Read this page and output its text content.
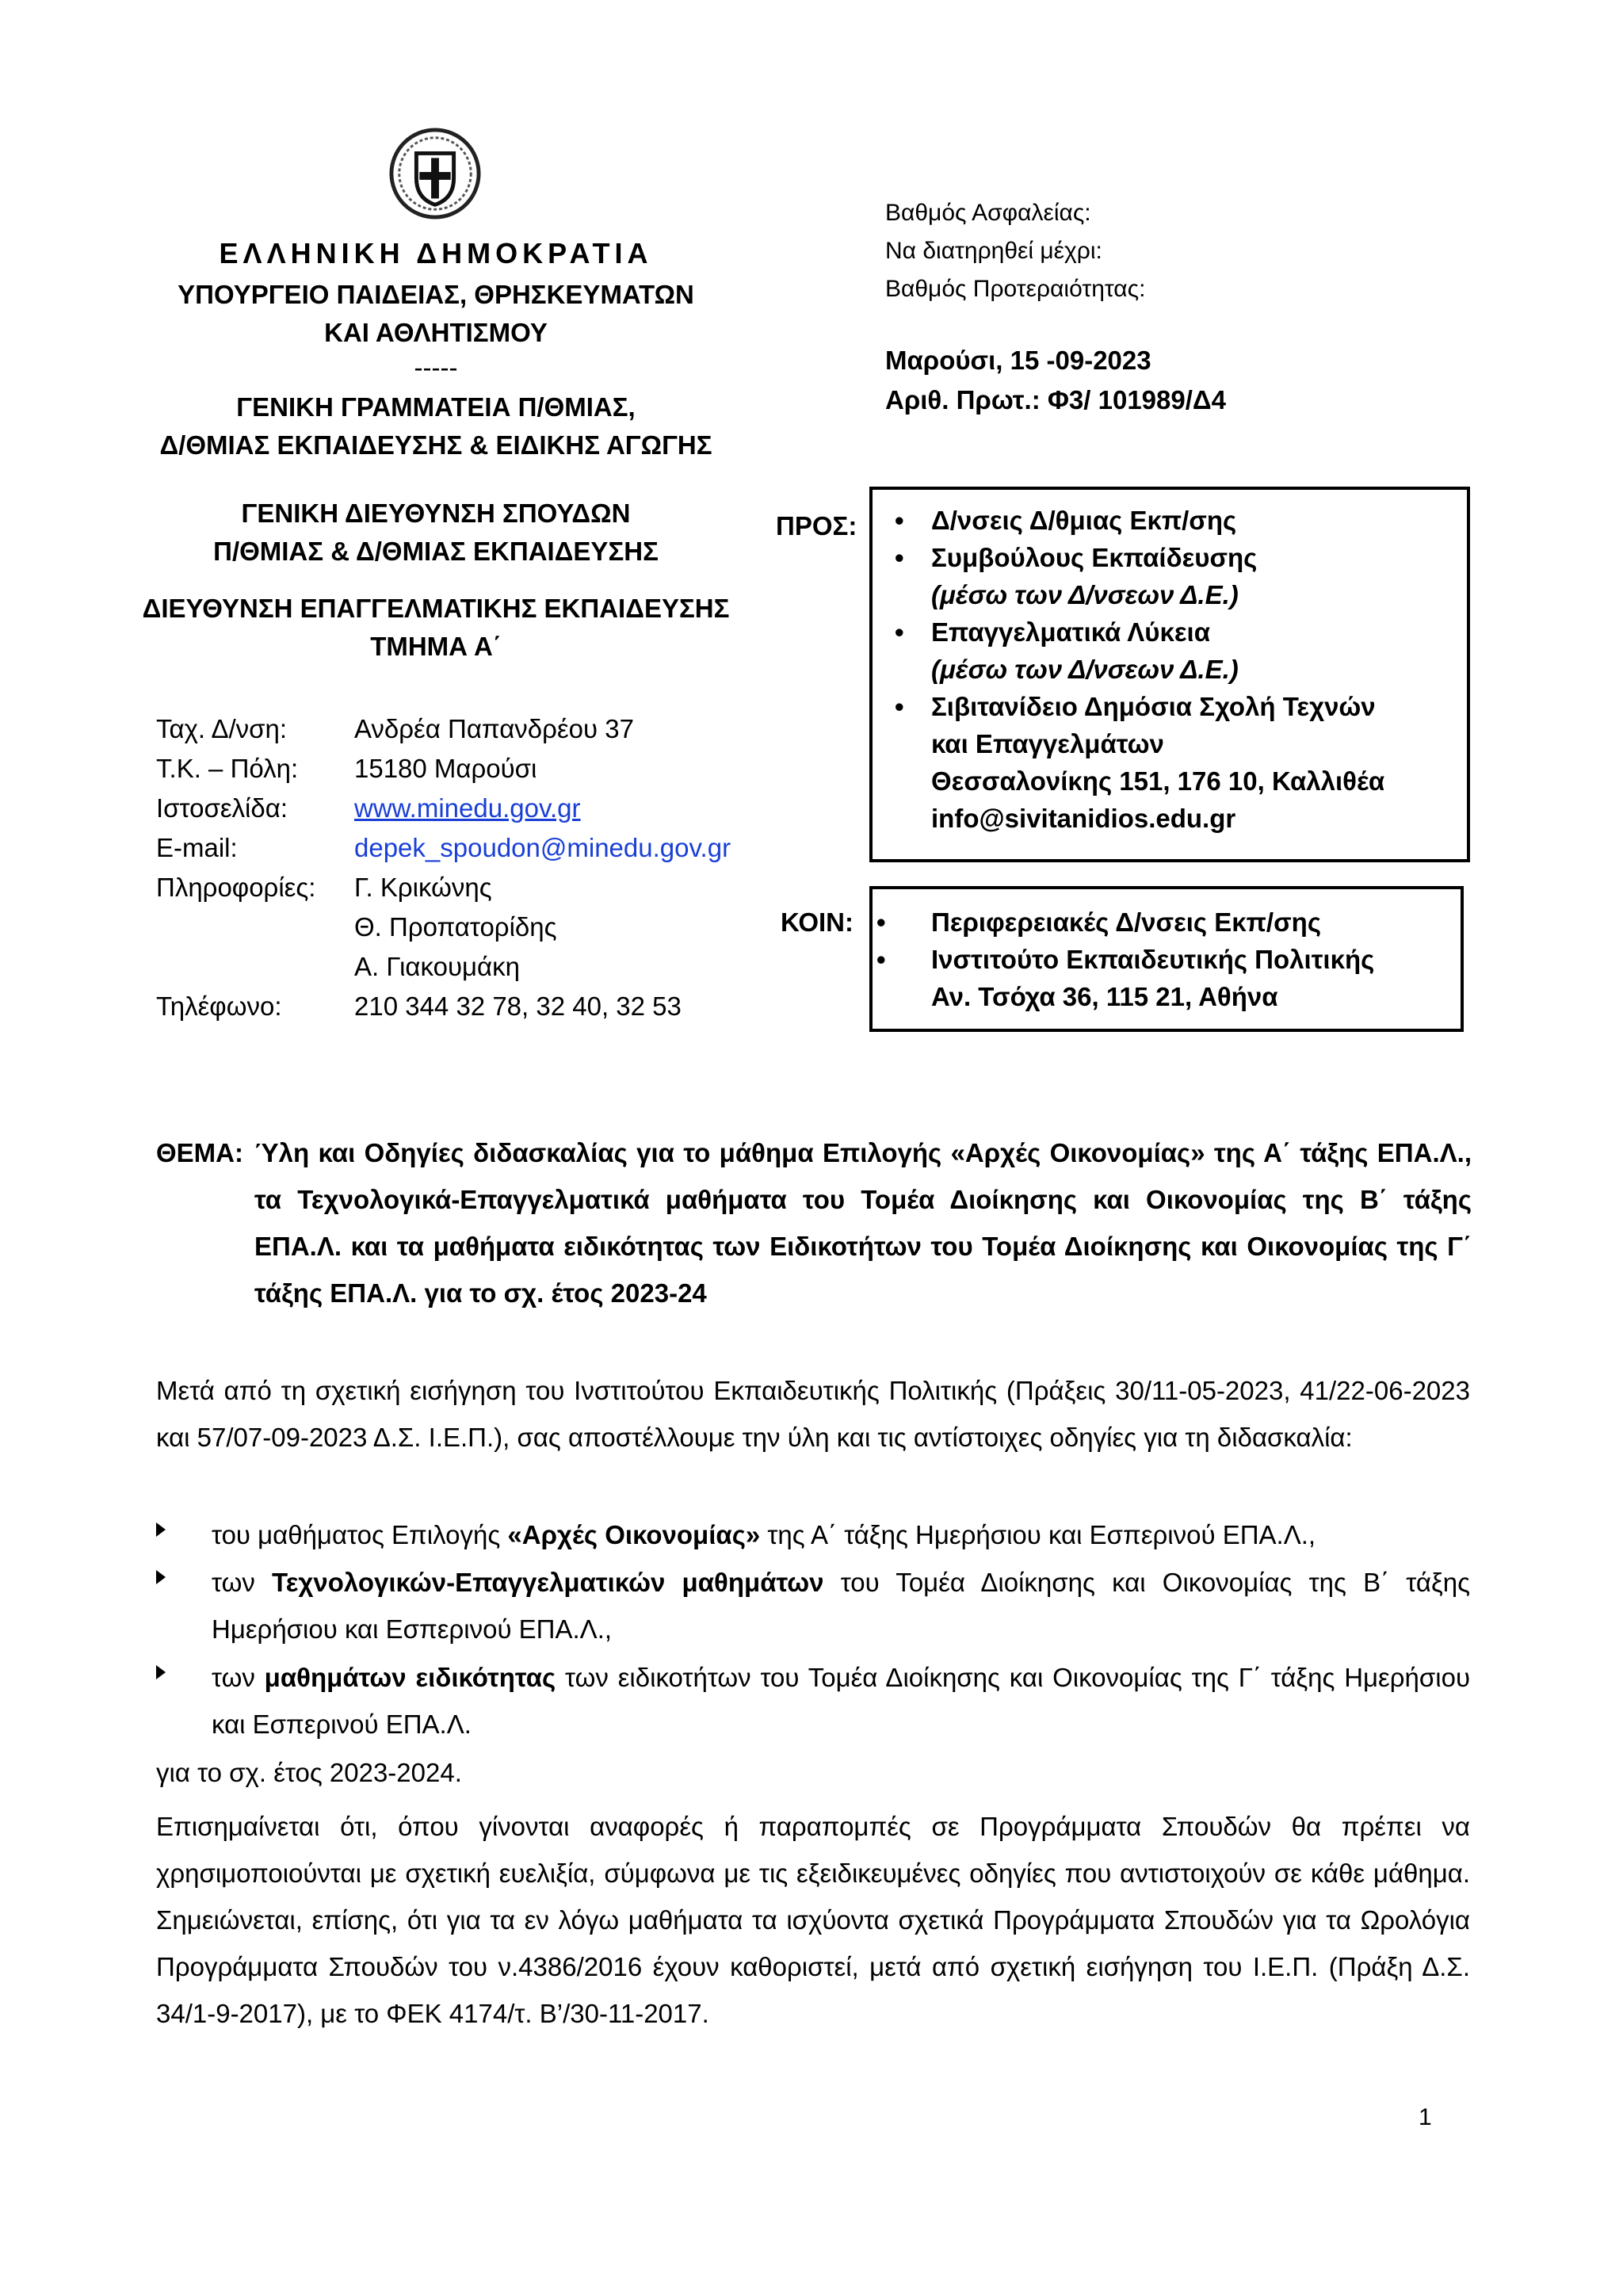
ΕΛΛΗΝΙΚΗ ΔΗΜΟΚΡΑΤΙΑ
ΥΠΟΥΡΓΕΙΟ ΠΑΙΔΕΙΑΣ, ΘΡΗΣΚΕΥΜΑΤΩΝ
ΚΑΙ ΑΘΛΗΤΙΣΜΟΥ
-----
ΓΕΝΙΚΗ ΓΡΑΜΜΑΤΕΙΑ Π/ΘΜΙΑΣ,
Δ/ΘΜΙΑΣ ΕΚΠΑΙΔΕΥΣΗΣ & ΕΙΔΙΚΗΣ ΑΓΩΓΗΣ
ΓΕΝΙΚΗ ΔΙΕΥΘΥΝΣΗ ΣΠΟΥΔΩΝ
Π/ΘΜΙΑΣ & Δ/ΘΜΙΑΣ ΕΚΠΑΙΔΕΥΣΗΣ
ΔΙΕΥΘΥΝΣΗ ΕΠΑΓΓΕΛΜΑΤΙΚΗΣ ΕΚΠΑΙΔΕΥΣΗΣ
ΤΜΗΜΑ Α΄
Ταχ. Δ/νση:	Ανδρέα Παπανδρέου 37
Τ.Κ. – Πόλη:	15180 Μαρούσι
Ιστοσελίδα:	www.minedu.gov.gr
E-mail:	depek_spoudon@minedu.gov.gr
Πληροφορίες:	Γ. Κρικώνης
Θ. Προπατορίδης
Α. Γιακουμάκη
Τηλέφωνο:	210 344 32 78, 32 40, 32 53
Βαθμός Ασφαλείας:
Να διατηρηθεί μέχρι:
Βαθμός Προτεραιότητας:
Μαρούσι, 15 -09-2023
Αριθ. Πρωτ.: Φ3/ 101989/Δ4
ΠΡΟΣ: • Δ/νσεις Δ/θμιας Εκπ/σης
• Συμβούλους Εκπαίδευσης
(μέσω των Δ/νσεων Δ.Ε.)
• Επαγγελματικά Λύκεια
(μέσω των Δ/νσεων Δ.Ε.)
• Σιβιτανίδειο Δημόσια Σχολή Τεχνών
και Επαγγελμάτων
Θεσσαλονίκης 151, 176 10, Καλλιθέα
info@sivitanidios.edu.gr
ΚΟΙΝ: • Περιφερειακές Δ/νσεις Εκπ/σης
• Ινστιτούτο Εκπαιδευτικής Πολιτικής
Αν. Τσόχα 36, 115 21, Αθήνα
ΘΕΜΑ: Ύλη και Οδηγίες διδασκαλίας για το μάθημα Επιλογής «Αρχές Οικονομίας» της Α΄ τάξης ΕΠΑ.Λ., τα Τεχνολογικά-Επαγγελματικά μαθήματα του Τομέα Διοίκησης και Οικονομίας της Β΄ τάξης ΕΠΑ.Λ. και τα μαθήματα ειδικότητας των Ειδικοτήτων του Τομέα Διοίκησης και Οικονομίας της Γ΄ τάξης ΕΠΑ.Λ. για το σχ. έτος 2023-24
Μετά από τη σχετική εισήγηση του Ινστιτούτου Εκπαιδευτικής Πολιτικής (Πράξεις 30/11-05-2023, 41/22-06-2023 και 57/07-09-2023 Δ.Σ. Ι.Ε.Π.), σας αποστέλλουμε την ύλη και τις αντίστοιχες οδηγίες για τη διδασκαλία:
του μαθήματος Επιλογής «Αρχές Οικονομίας» της Α΄ τάξης Ημερήσιου και Εσπερινού ΕΠΑ.Λ.,
των Τεχνολογικών-Επαγγελματικών μαθημάτων του Τομέα Διοίκησης και Οικονομίας της Β΄ τάξης Ημερήσιου και Εσπερινού ΕΠΑ.Λ.,
των μαθημάτων ειδικότητας των ειδικοτήτων του Τομέα Διοίκησης και Οικονομίας της Γ΄ τάξης Ημερήσιου και Εσπερινού ΕΠΑ.Λ.
για το σχ. έτος 2023-2024.
Επισημαίνεται ότι, όπου γίνονται αναφορές ή παραπομπές σε Προγράμματα Σπουδών θα πρέπει να χρησιμοποιούνται με σχετική ευελιξία, σύμφωνα με τις εξειδικευμένες οδηγίες που αντιστοιχούν σε κάθε μάθημα. Σημειώνεται, επίσης, ότι για τα εν λόγω μαθήματα τα ισχύοντα σχετικά Προγράμματα Σπουδών για τα Ωρολόγια Προγράμματα Σπουδών του ν.4386/2016 έχουν καθοριστεί, μετά από σχετική εισήγηση του Ι.Ε.Π. (Πράξη Δ.Σ. 34/1-9-2017), με το ΦΕΚ 4174/τ. Β’/30-11-2017.
1
